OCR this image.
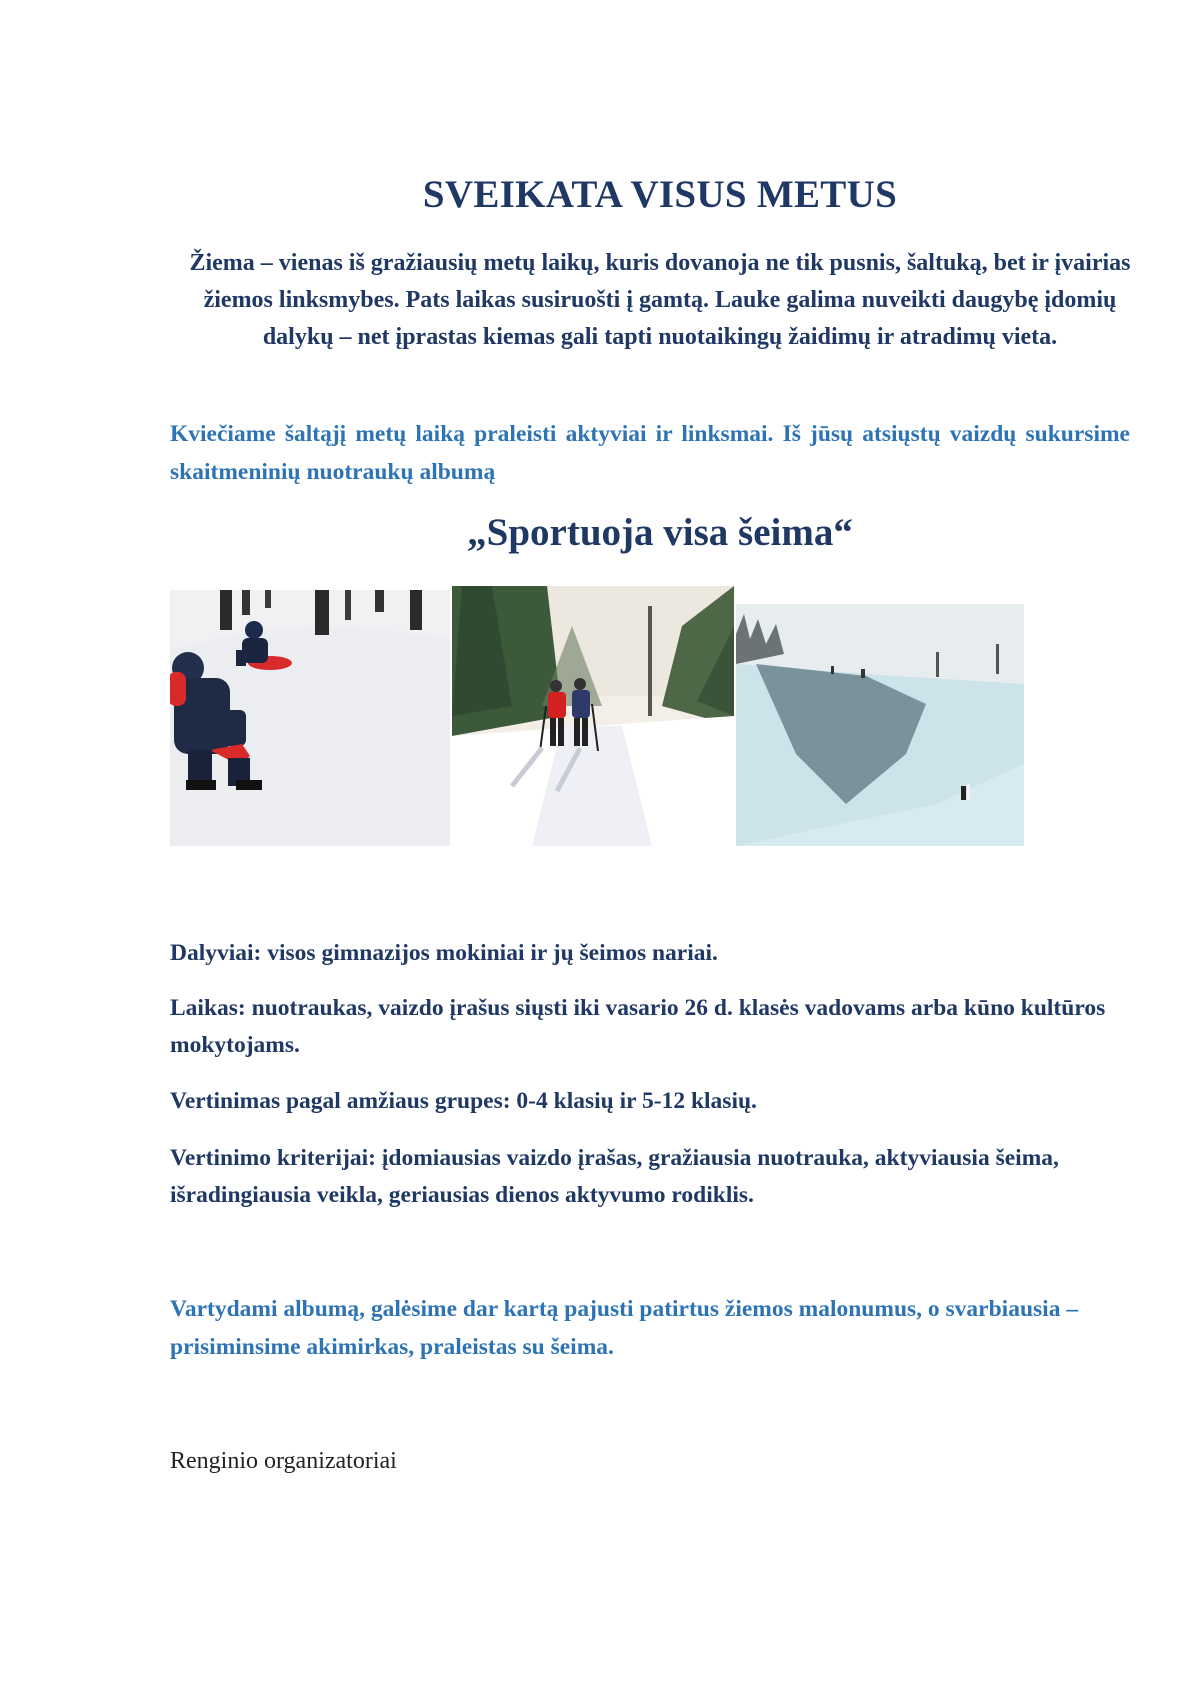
SVEIKATA VISUS METUS
Žiema – vienas iš gražiausių metų laikų, kuris dovanoja ne tik pusnis, šaltuką, bet ir įvairias žiemos linksmybes. Pats laikas susiruošti į gamtą. Lauke galima nuveikti daugybę įdomių dalykų – net įprastas kiemas gali tapti nuotaikingų žaidimų ir atradimų vieta.
Kviečiame šaltąjį metų laiką praleisti aktyviai ir linksmai. Iš jūsų atsiųstų vaizdų sukursime skaitmeninių nuotraukų albumą
„Sportuoja visa šeima“
Dalyviai: visos gimnazijos mokiniai ir jų šeimos nariai.
Laikas: nuotraukas, vaizdo įrašus siųsti iki vasario 26 d. klasės vadovams arba kūno kultūros mokytojams.
Vertinimas pagal amžiaus grupes: 0-4 klasių ir 5-12 klasių.
Vertinimo kriterijai: įdomiausias vaizdo įrašas, gražiausia nuotrauka, aktyviausia šeima, išradingiausia veikla, geriausias dienos aktyvumo rodiklis.
Vartydami albumą, galėsime dar kartą pajusti patirtus žiemos malonumus, o svarbiausia – prisiminsime akimirkas, praleistas su šeima.
Renginio organizatoriai
